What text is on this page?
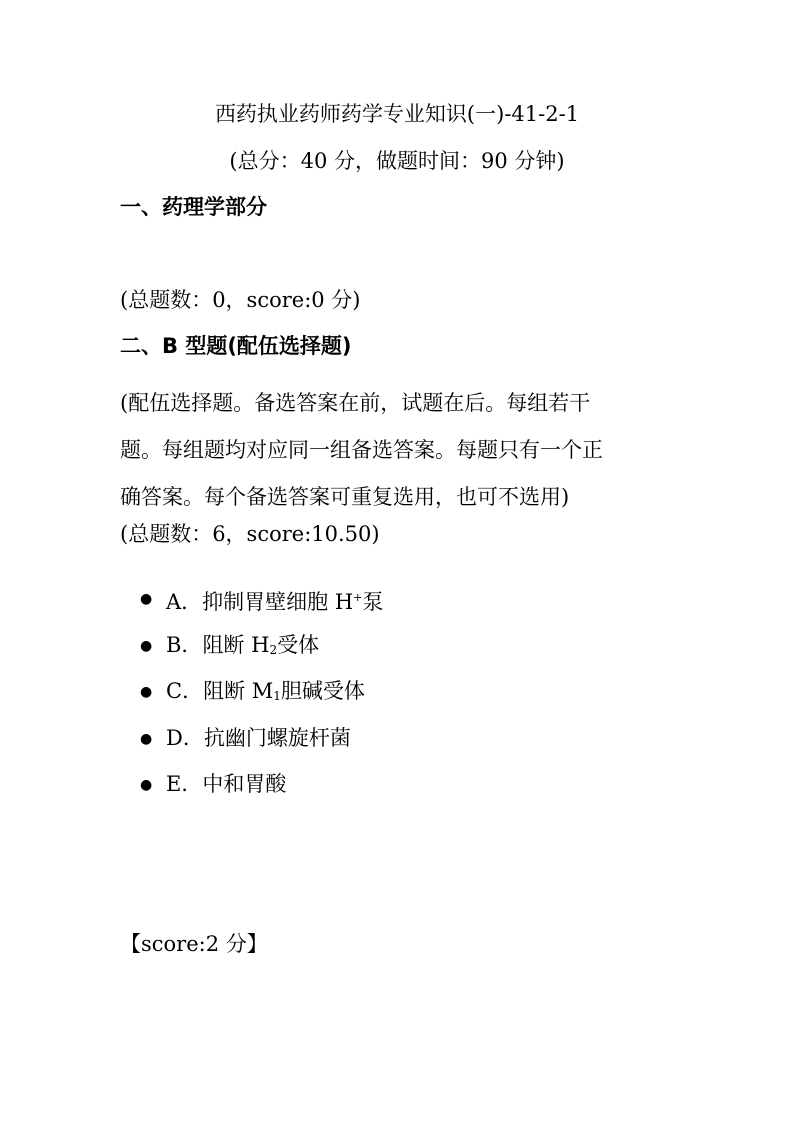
西药执业药师药学专业知识(一)-41-2-1
(总分：40 分，做题时间：90 分钟)
一、药理学部分
(总题数：0，score:0 分)
二、B 型题(配伍选择题)
(配伍选择题。备选答案在前，试题在后。每组若干
题。每组题均对应同一组备选答案。每题只有一个正
确答案。每个备选答案可重复选用，也可不选用)
(总题数：6，score:10.50)
● A．抑制胃壁细胞 H+泵
● B．阻断 H2受体
● C．阻断 M1胆碱受体
● D．抗幽门螺旋杆菌
● E．中和胃酸
【score:2 分】
